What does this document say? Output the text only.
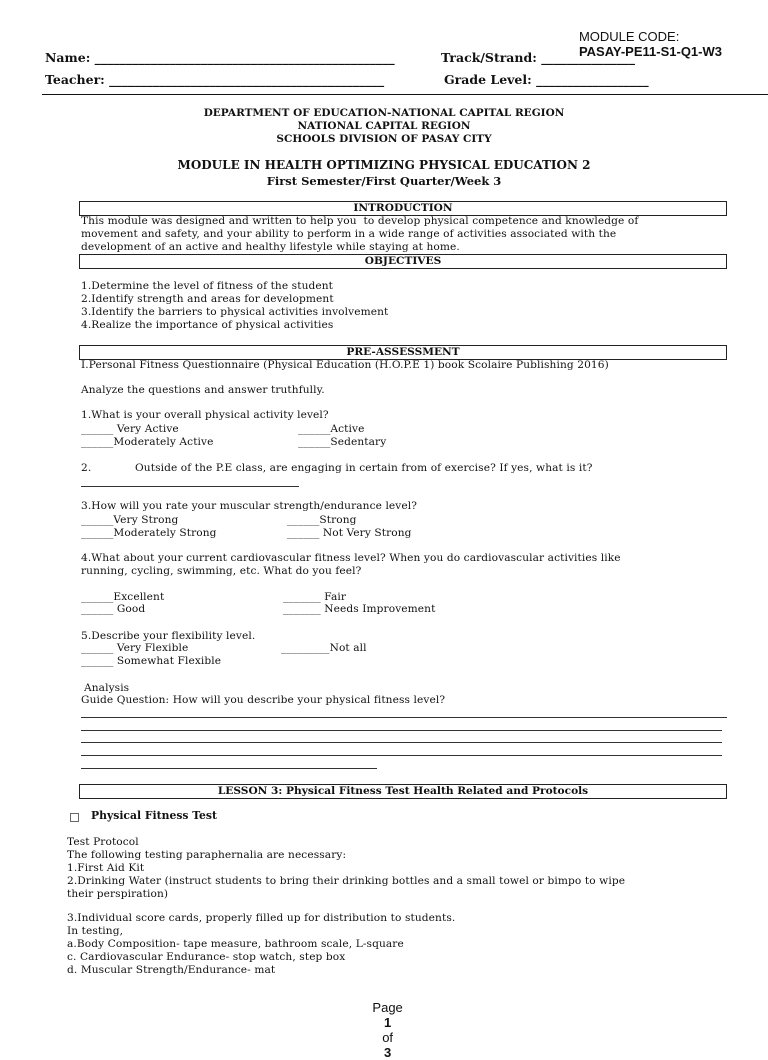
MODULE CODE:
PASAY-PE11-S1-Q1-W3

Name: ________________________________________________	Track/Strand: _______________
Teacher: ____________________________________________	Grade Level: __________________
DEPARTMENT OF EDUCATION-NATIONAL CAPITAL REGION
NATIONAL CAPITAL REGION
SCHOOLS DIVISION OF PASAY CITY
MODULE IN HEALTH OPTIMIZING PHYSICAL EDUCATION 2
First Semester/First Quarter/Week 3
INTRODUCTION
This module was designed and written to help you  to develop physical competence and knowledge of
movement and safety, and your ability to perform in a wide range of activities associated with the
development of an active and healthy lifestyle while staying at home.
OBJECTIVES
1.Determine the level of fitness of the student
2.Identify strength and areas for development
3.Identify the barriers to physical activities involvement
4.Realize the importance of physical activities
PRE-ASSESSMENT
I.Personal Fitness Questionnaire (Physical Education (H.O.P.E 1) book Scolaire Publishing 2016)
Analyze the questions and answer truthfully.
1.What is your overall physical activity level?
______ Very Active	______Active
______Moderately Active	______Sedentary
2.	Outside of the P.E class, are engaging in certain from of exercise? If yes, what is it?
3.How will you rate your muscular strength/endurance level?
______Very Strong	______Strong
______Moderately Strong	______ Not Very Strong
4.What about your current cardiovascular fitness level? When you do cardiovascular activities like
running, cycling, swimming, etc. What do you feel?
______Excellent	_______ Fair
______ Good	_______ Needs Improvement
5.Describe your flexibility level.
______ Very Flexible	_________Not all
______ Somewhat Flexible
Analysis
Guide Question: How will you describe your physical fitness level?
LESSON 3: Physical Fitness Test Health Related and Protocols
Physical Fitness Test
Test Protocol
The following testing paraphernalia are necessary:
1.First Aid Kit
2.Drinking Water (instruct students to bring their drinking bottles and a small towel or bimpo to wipe
their perspiration)
3.Individual score cards, properly filled up for distribution to students.
In testing,
a.Body Composition- tape measure, bathroom scale, L-square
c. Cardiovascular Endurance- stop watch, step box
d. Muscular Strength/Endurance- mat

Page
1
of
3
